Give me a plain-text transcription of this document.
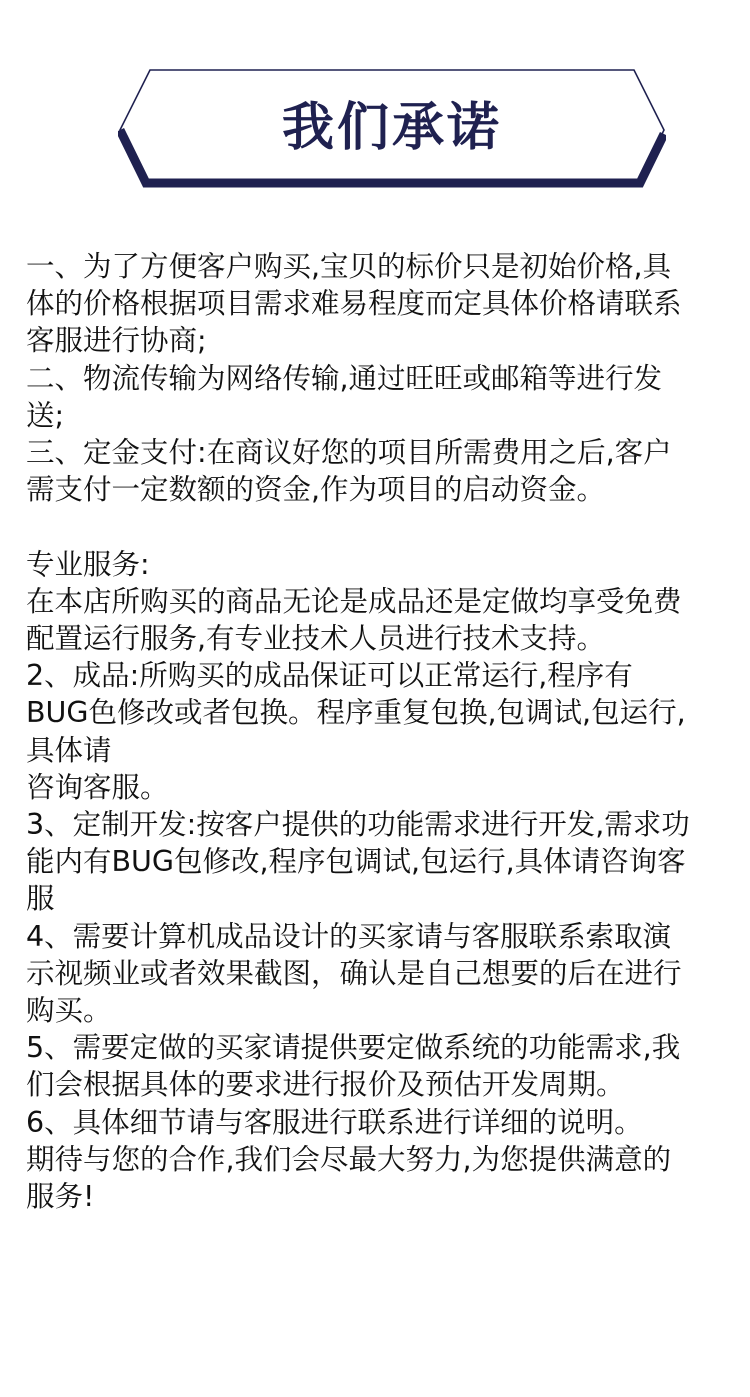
我们承诺
一、为了方便客户购买,宝贝的标价只是初始价格,具
体的价格根据项目需求难易程度而定具体价格请联系
客服进行协商;
二、物流传输为网络传输,通过旺旺或邮箱等进行发
送;
三、定金支付:在商议好您的项目所需费用之后,客户
需支付一定数额的资金,作为项目的启动资金。
专业服务:
在本店所购买的商品无论是成品还是定做均享受免费
配置运行服务,有专业技术人员进行技术支持。
2、成品:所购买的成品保证可以正常运行,程序有
BUG色修改或者包换。程序重复包换,包调试,包运行,
具体请
咨询客服。
3、定制开发:按客户提供的功能需求进行开发,需求功
能内有BUG包修改,程序包调试,包运行,具体请咨询客
服
4、需要计算机成品设计的买家请与客服联系索取演
示视频业或者效果截图，确认是自己想要的后在进行
购买。
5、需要定做的买家请提供要定做系统的功能需求,我
们会根据具体的要求进行报价及预估开发周期。
6、具体细节请与客服进行联系进行详细的说明。
期待与您的合作,我们会尽最大努力,为您提供满意的
服务!
